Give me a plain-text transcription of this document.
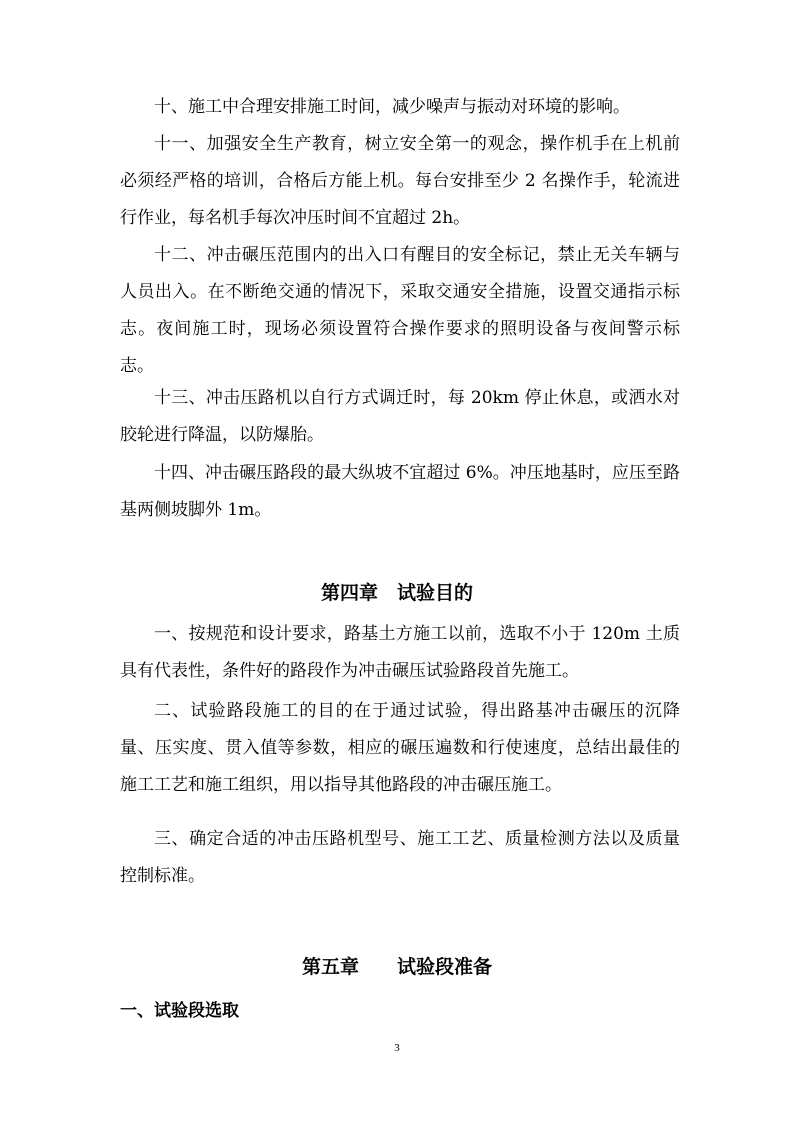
十、施工中合理安排施工时间，减少噪声与振动对环境的影响。

十一、加强安全生产教育，树立安全第一的观念，操作机手在上机前必须经严格的培训，合格后方能上机。每台安排至少 2 名操作手，轮流进行作业，每名机手每次冲压时间不宜超过 2h。

十二、冲击碾压范围内的出入口有醒目的安全标记，禁止无关车辆与人员出入。在不断绝交通的情况下，采取交通安全措施，设置交通指示标志。夜间施工时，现场必须设置符合操作要求的照明设备与夜间警示标志。

十三、冲击压路机以自行方式调迁时，每 20km 停止休息，或洒水对胶轮进行降温，以防爆胎。

十四、冲击碾压路段的最大纵坡不宜超过 6%。冲压地基时，应压至路基两侧坡脚外 1m。

第四章　试验目的

一、按规范和设计要求，路基土方施工以前，选取不小于 120m 土质具有代表性，条件好的路段作为冲击碾压试验路段首先施工。

二、试验路段施工的目的在于通过试验，得出路基冲击碾压的沉降量、压实度、贯入值等参数，相应的碾压遍数和行使速度，总结出最佳的施工工艺和施工组织，用以指导其他路段的冲击碾压施工。

三、确定合适的冲击压路机型号、施工工艺、质量检测方法以及质量控制标准。

第五章　　试验段准备
一、试验段选取
3
